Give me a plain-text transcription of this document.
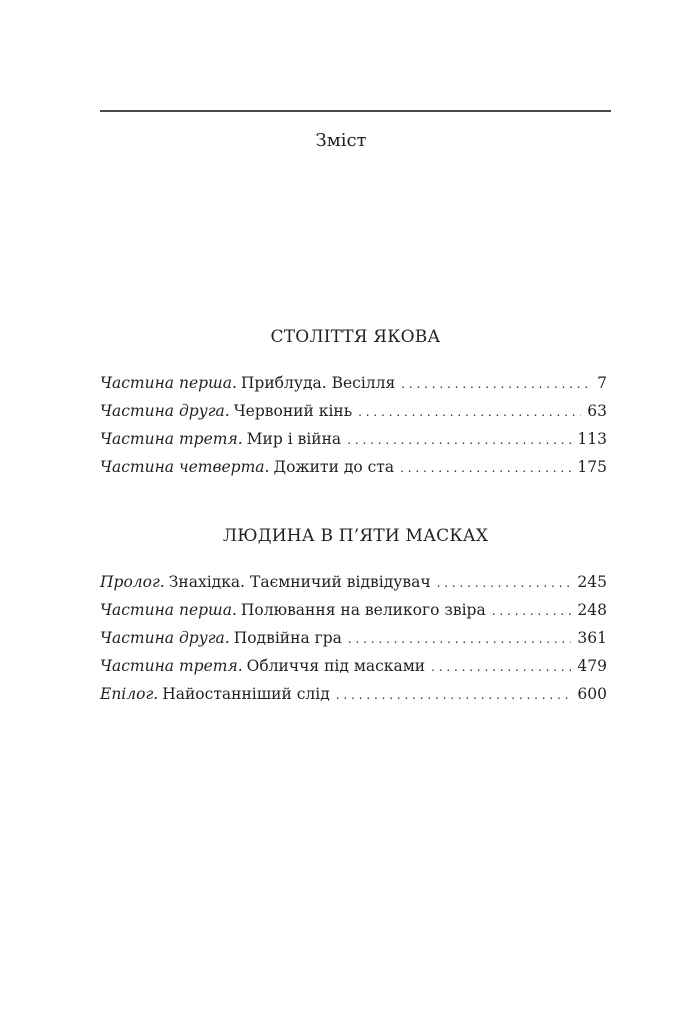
Зміст
СТОЛІТТЯ ЯКОВА
Частина перша. Приблуда. Весілля . . .	7
Частина друга. Червоний кінь . . .	63
Частина третя. Мир і війна . . .	113
Частина четверта. Дожити до ста . . .	175
ЛЮДИНА В П’ЯТИ МАСКАХ
Пролог. Знахідка. Таємничий відвідувач . . .	245
Частина перша. Полювання на великого звіра . . .	248
Частина друга. Подвійна гра . . .	361
Частина третя. Обличчя під масками . . .	479
Епілог. Найостанніший слід . . .	600
